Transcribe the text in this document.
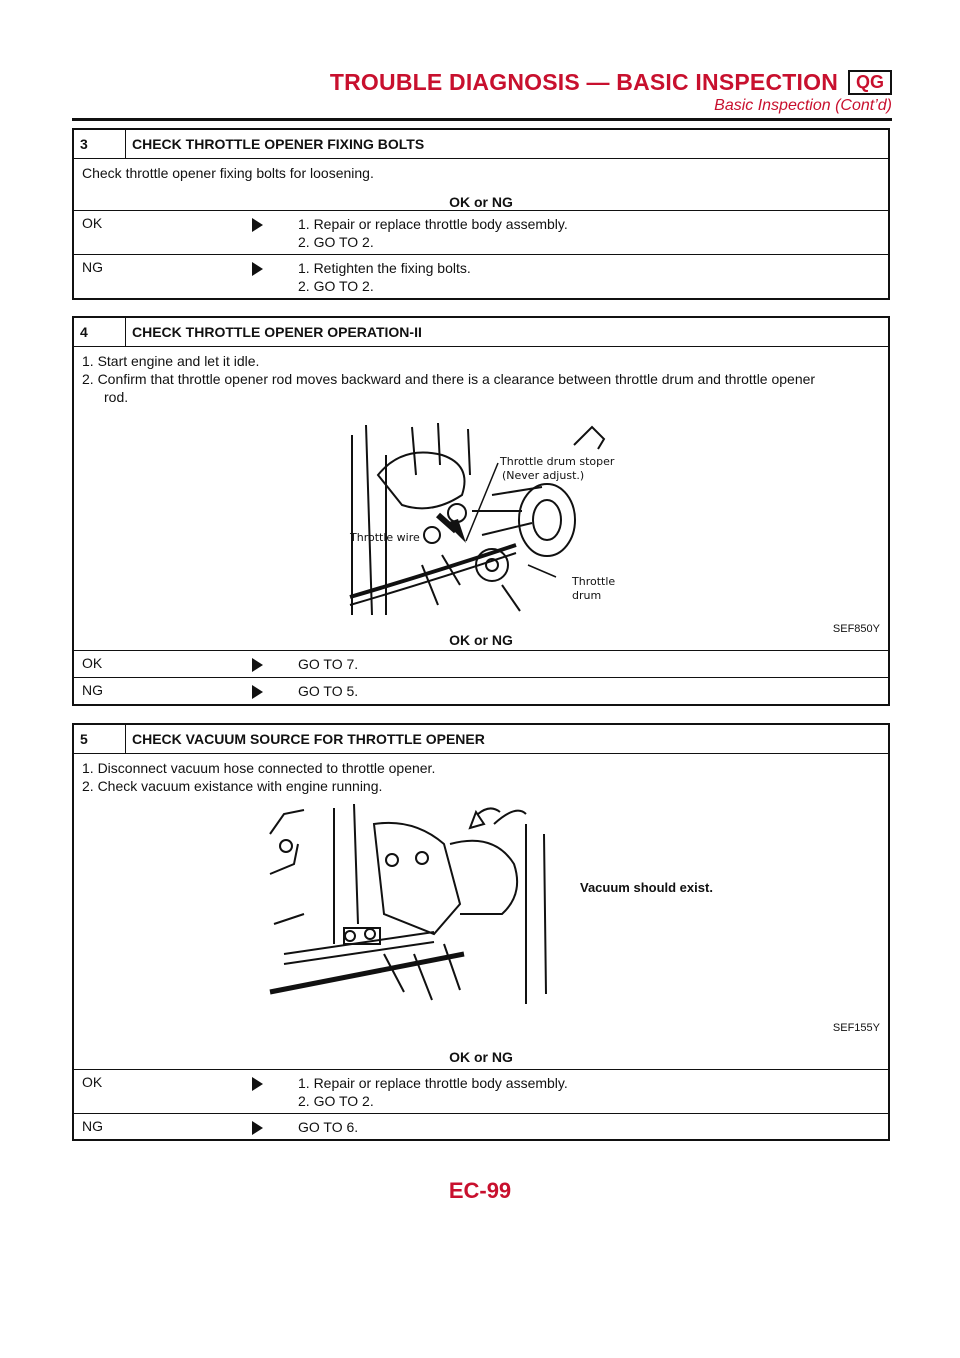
TROUBLE DIAGNOSIS — BASIC INSPECTION QG
Basic Inspection (Cont’d)
3	CHECK THROTTLE OPENER FIXING BOLTS
Check throttle opener fixing bolts for loosening.
OK or NG
OK	1. Repair or replace throttle body assembly.
2. GO TO 2.
NG	1. Retighten the fixing bolts.
2. GO TO 2.
4	CHECK THROTTLE OPENER OPERATION-II
1. Start engine and let it idle.
2. Confirm that throttle opener rod moves backward and there is a clearance between throttle drum and throttle opener
rod.
Throttle drum stoper
(Never adjust.)
Throttle wire
Throttle
drum
SEF850Y
OK or NG
OK	GO TO 7.
NG	GO TO 5.
5	CHECK VACUUM SOURCE FOR THROTTLE OPENER
1. Disconnect vacuum hose connected to throttle opener.
2. Check vacuum existance with engine running.
Vacuum should exist.
SEF155Y
OK or NG
OK	1. Repair or replace throttle body assembly.
2. GO TO 2.
NG	GO TO 6.
EC-99
